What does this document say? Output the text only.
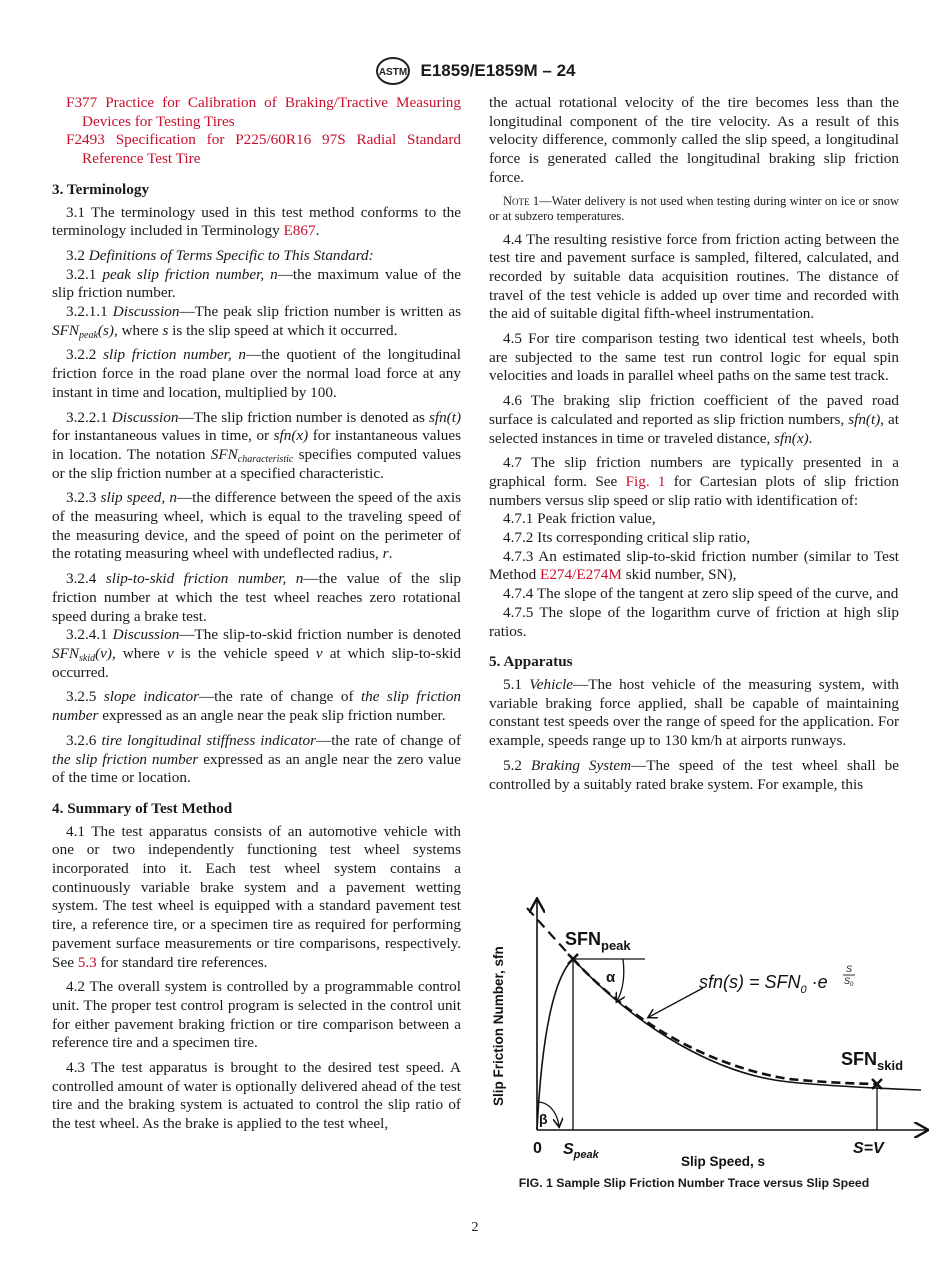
ASTM E1859/E1859M – 24

F377 Practice for Calibration of Braking/Tractive Measuring Devices for Testing Tires

F2493 Specification for P225/60R16 97S Radial Standard Reference Test Tire

3. Terminology

3.1 The terminology used in this test method conforms to the terminology included in Terminology E867.

3.2 Definitions of Terms Specific to This Standard:

3.2.1 peak slip friction number, n—the maximum value of the slip friction number.

3.2.1.1 Discussion—The peak slip friction number is written as $SFN_{peak}(s)$, where s is the slip speed at which it occurred.

3.2.2 slip friction number, n—the quotient of the longitudinal friction force in the road plane over the normal load force at any instant in time and location, multiplied by 100.

3.2.2.1 Discussion—The slip friction number is denoted as sfn(t) for instantaneous values in time, or sfn(x) for instantaneous values in location. The notation $SFN_{characteristic}$ specifies computed values or the slip friction number at a specified characteristic.

3.2.3 slip speed, n—the difference between the speed of the axis of the measuring wheel, which is equal to the traveling speed of the measuring device, and the speed of point on the perimeter of the rotating measuring wheel with undeflected radius, r.

3.2.4 slip-to-skid friction number, n—the value of the slip friction number at which the test wheel reaches zero rotational speed during a brake test.

3.2.4.1 Discussion—The slip-to-skid friction number is denoted $SFN_{skid}(v)$, where v is the vehicle speed v at which slip-to-skid occurred.

3.2.5 slope indicator—the rate of change of the slip friction number expressed as an angle near the peak slip friction number.

3.2.6 tire longitudinal stiffness indicator—the rate of change of the slip friction number expressed as an angle near the zero value of the time or location.

4. Summary of Test Method

4.1 The test apparatus consists of an automotive vehicle with one or two independently functioning test wheel systems incorporated into it. Each test wheel system contains a continuously variable brake system and a pavement wetting system. The test wheel is equipped with a standard pavement test tire, a reference tire, or a specimen tire as required for performing pavement surface measurements or tire comparisons, respectively. See 5.3 for standard tire references.

4.2 The overall system is controlled by a programmable control unit. The proper test control program is selected in the control unit for either pavement braking friction or tire comparison between a reference tire and a specimen tire.

4.3 The test apparatus is brought to the desired test speed. A controlled amount of water is optionally delivered ahead of the test tire and the braking system is actuated to control the slip ratio of the test wheel. As the brake is applied to the test wheel,

the actual rotational velocity of the tire becomes less than the longitudinal component of the tire velocity. As a result of this velocity difference, commonly called the slip speed, a longitudinal force is generated called the longitudinal braking slip friction force.

Note 1—Water delivery is not used when testing during winter on ice or snow or at subzero temperatures.

4.4 The resulting resistive force from friction acting between the test tire and pavement surface is sampled, filtered, calculated, and recorded by suitable data acquisition routines. The distance of travel of the test vehicle is added up over time and recorded with the aid of suitable digital fifth-wheel instrumentation.

4.5 For tire comparison testing two identical test wheels, both are subjected to the same test run control logic for equal spin velocities and loads in parallel wheel paths on the same test track.

4.6 The braking slip friction coefficient of the paved road surface is calculated and reported as slip friction numbers, sfn(t), at selected instances in time or traveled distance, sfn(x).

4.7 The slip friction numbers are typically presented in a graphical form. See Fig. 1 for Cartesian plots of slip friction numbers versus slip speed or slip ratio with identification of:

4.7.1 Peak friction value,

4.7.2 Its corresponding critical slip ratio,

4.7.3 An estimated slip-to-skid friction number (similar to Test Method E274/E274M skid number, SN),

4.7.4 The slope of the tangent at zero slip speed of the curve, and

4.7.5 The slope of the logarithm curve of friction at high slip ratios.

5. Apparatus

5.1 Vehicle—The host vehicle of the measuring system, with variable braking force applied, shall be capable of maintaining constant test speeds over the range of speed for the application. For example, speeds range up to 130 km/h at airports runways.

5.2 Braking System—The speed of the test wheel shall be controlled by a suitably rated brake system. For example, this

Slip Friction Number, sfn
Slip Speed, s
0 $S_{peak}$	S=V
$SFN_{peak}$
$SFN_{skid}$
α
β
$sfn(s) = SFN_0 \cdot e$
S
$S_0$
FIG. 1 Sample Slip Friction Number Trace versus Slip Speed
2
